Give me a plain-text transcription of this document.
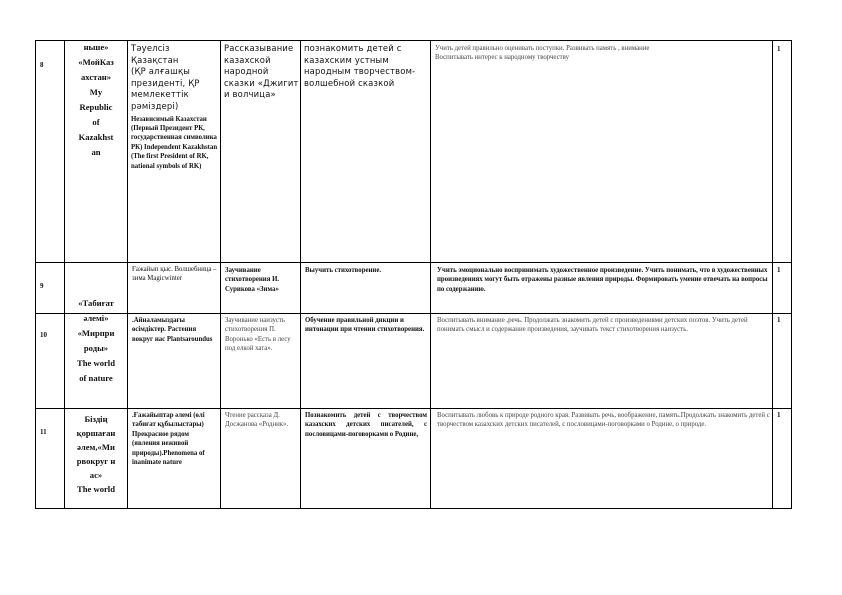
8
ньше»
«МойКаз
ахстан»
My
Republic
of
Kazakhst
an
Тәуелсіз Қазақстан
(ҚР алғашқы президенті, ҚР мемлекеттік рәміздері)
Независимый Казахстан (Первый Президент РК, государственная символика РК) Independent Kazakhstan (The first President of RK, national symbols of RK)
Рассказывание казахской народной сказки «Джигит и волчица»
познакомить детей с казахским устным народным творчеством-волшебной сказкой
Учить детей правильно оценивать поступки. Развивать память , внимание
Воспитывать интерес к народному творчеству
1
9
Ғажайып қыс. Волшебница – зима Magicwinter
Заучивание стихотворения И. Суриковa «Зима»
Выучить стихотворение.	Учить эмоционально воспринимать художественное произведение. Учить понимать, что в художественных произведениях могут быть отражены разные явления природы. Формировать умение отвечать на вопросы по содержанию.
1
«Табиғат
әлемі»
«Мирпри
роды»
The world
of nature
10
.Айналамыздағы өсімдіктер. Растения вокруг нас Plantsaroundus
Заучивание наизусть стихотворения П. Воронько «Есть в лесу под елкой хата».
Обучение правильной дикции и интонации при чтении стихотворения.
Воспитывать внимание ,речь. Продолжать знакомить детей с произведениями детских поэтов. Учить детей понимать смысл и содержание произведения, заучивать текст стихотворения наизусть.
1
11
Біздің
қоршаған
әлем,«Ми
рвокруг н
ас»
The world
.Ғажайыптар әлемі (өлі табиғат құбылыстары) Прекрасное рядом (явления неживой природы).Phenomena of inanimate nature
Чтение рассказа Д. Досжанова «Родник».
Познакомить детей с творчеством казахских детских писателей, с пословицами-поговорками о Родине,
Воспитывать любовь к природе родного края. Развивать речь, воображение, память.Продолжать знакомить детей с творчеством казахских детских писателей, с пословицами-поговорками о Родине, о природе.
1
